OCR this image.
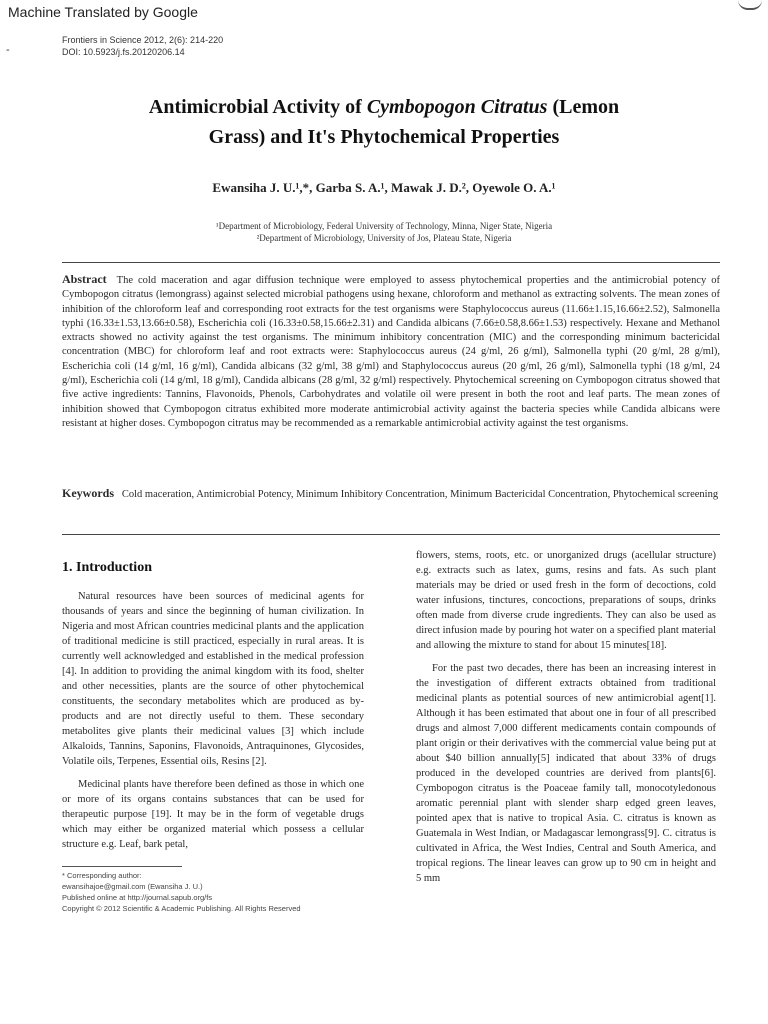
Machine Translated by Google
-
Frontiers in Science 2012, 2(6): 214-220
DOI: 10.5923/j.fs.20120206.14
Antimicrobial Activity of Cymbopogon Citratus (Lemon
Grass) and It's Phytochemical Properties
Ewansiha J. U.¹,*, Garba S. A.¹, Mawak J. D.², Oyewole O. A.¹
¹Department of Microbiology, Federal University of Technology, Minna, Niger State, Nigeria
²Department of Microbiology, University of Jos, Plateau State, Nigeria
Abstract The cold maceration and agar diffusion technique were employed to assess phytochemical properties and the antimicrobial potency of Cymbopogon citratus (lemongrass) against selected microbial pathogens using hexane, chloroform and methanol as extracting solvents. The mean zones of inhibition of the chloroform leaf and corresponding root extracts for the test organisms were Staphylococcus aureus (11.66±1.15,16.66±2.52), Salmonella typhi (16.33±1.53,13.66±0.58), Escherichia coli (16.33±0.58,15.66±2.31) and Candida albicans (7.66±0.58,8.66±1.53) respectively. Hexane and Methanol extracts showed no activity against the test organisms. The minimum inhibitory concentration (MIC) and the corresponding minimum bactericidal concentration (MBC) for chloroform leaf and root extracts were: Staphylococcus aureus (24 g/ml, 26 g/ml), Salmonella typhi (20 g/ml, 28 g/ml), Escherichia coli (14 g/ml, 16 g/ml), Candida albicans (32 g/ml, 38 g/ml) and Staphylococcus aureus (20 g/ml, 26 g/ml), Salmonella typhi (18 g/ml, 24 g/ml), Escherichia coli (14 g/ml, 18 g/ml), Candida albicans (28 g/ml, 32 g/ml) respectively. Phytochemical screening on Cymbopogon citratus showed that five active ingredients: Tannins, Flavonoids, Phenols, Carbohydrates and volatile oil were present in both the root and leaf parts. The mean zones of inhibition showed that Cymbopogon citratus exhibited more moderate antimicrobial activity against the bacteria species while Candida albicans were resistant at higher doses. Cymbopogon citratus may be recommended as a remarkable antimicrobial activity against the test organisms.
Keywords Cold maceration, Antimicrobial Potency, Minimum Inhibitory Concentration, Minimum Bactericidal Concentration, Phytochemical screening
1. Introduction

Natural resources have been sources of medicinal agents for thousands of years and since the beginning of human civilization. In Nigeria and most African countries medicinal plants and the application of traditional medicine is still practiced, especially in rural areas. It is currently well acknowledged and established in the medical profession [4]. In addition to providing the animal kingdom with its food, shelter and other necessities, plants are the source of other phytochemical constituents, the secondary metabolites which are produced as by-products and are not directly useful to them. These secondary metabolites give plants their medicinal values [3] which include Alkaloids, Tannins, Saponins, Flavonoids, Antraquinones, Glycosides, Volatile oils, Terpenes, Essential oils, Resins [2].

Medicinal plants have therefore been defined as those in which one or more of its organs contains substances that can be used for therapeutic purpose [19]. It may be in the form of vegetable drugs which may either be organized material which possess a cellular structure e.g. Leaf, bark petal,

flowers, stems, roots, etc. or unorganized drugs (acellular structure) e.g. extracts such as latex, gums, resins and fats. As such plant materials may be dried or used fresh in the form of decoctions, cold water infusions, tinctures, concoctions, preparations of soups, drinks often made from diverse crude ingredients. They can also be used as direct infusion made by pouring hot water on a specified plant material and allowing the mixture to stand for about 15 minutes[18].

For the past two decades, there has been an increasing interest in the investigation of different extracts obtained from traditional medicinal plants as potential sources of new antimicrobial agent[1]. Although it has been estimated that about one in four of all prescribed drugs and almost 7,000 different medicaments contain compounds of plant origin or their derivatives with the commercial value being put at about $40 billion annually[5] indicated that about 33% of drugs produced in the developed countries are derived from plants[6]. Cymbopogon citratus is the Poaceae family tall, monocotyledonous aromatic perennial plant with slender sharp edged green leaves, pointed apex that is native to tropical Asia. C. citratus is known as Guatemala in West Indian, or Madagascar lemongrass[9]. C. citratus is cultivated in Africa, the West Indies, Central and South America, and tropical regions. The linear leaves can grow up to 90 cm in height and 5 mm

* Corresponding author:
ewansihajoe@gmail.com (Ewansiha J. U.)
Published online at http://journal.sapub.org/fs
Copyright © 2012 Scientific & Academic Publishing. All Rights Reserved
